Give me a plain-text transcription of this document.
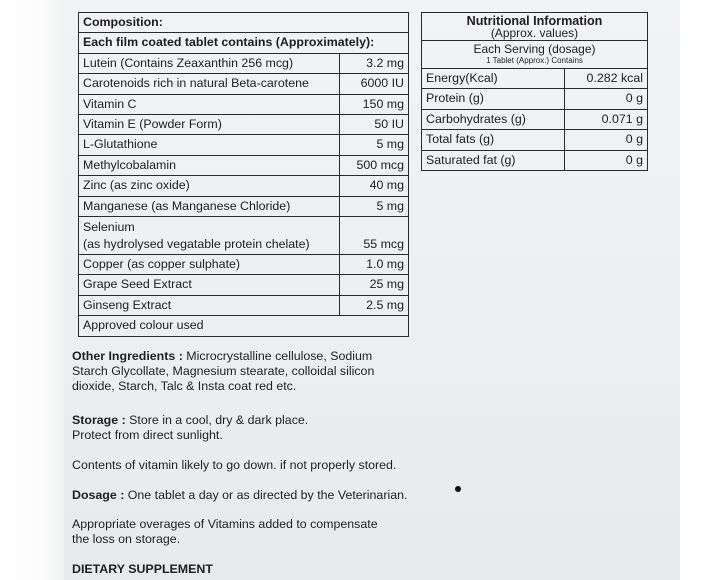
Composition:	
Each film coated tablet contains (Approximately):	
Lutein (Contains Zeaxanthin 256 mcg)	3.2 mg
Carotenoids rich in natural Beta-carotene	6000 IU
Vitamin C	150 mg
Vitamin E (Powder Form)	50 IU
L-Glutathione	5 mg
Methylcobalamin	500 mcg
Zinc (as zinc oxide)	40 mg
Manganese (as Manganese Chloride)	5 mg

Selenium
(as hydrolysed vegatable protein chelate)	55 mcg
Copper (as copper sulphate)	1.0 mg
Grape Seed Extract	25 mg
Ginseng Extract	2.5 mg
Approved colour used	
Nutritional Information
(Approx. values)	

Each Serving (dosage)
1 Tablet (Approx.) Contains	

Energy(Kcal)	0.282 kcal
Protein (g)	0 g
Carbohydrates (g)	0.071 g
Total fats (g)	0 g
Saturated fat (g)	0 g
Other Ingredients : Microcrystalline cellulose, Sodium
Starch Glycollate, Magnesium stearate, colloidal silicon
dioxide, Starch, Talc & Insta coat red etc.
Storage : Store in a cool, dry & dark place.
Protect from direct sunlight.
Contents of vitamin likely to go down. if not properly stored.
Dosage : One tablet a day or as directed by the Veterinarian.
Appropriate overages of Vitamins added to compensate
the loss on storage.
DIETARY SUPPLEMENT
